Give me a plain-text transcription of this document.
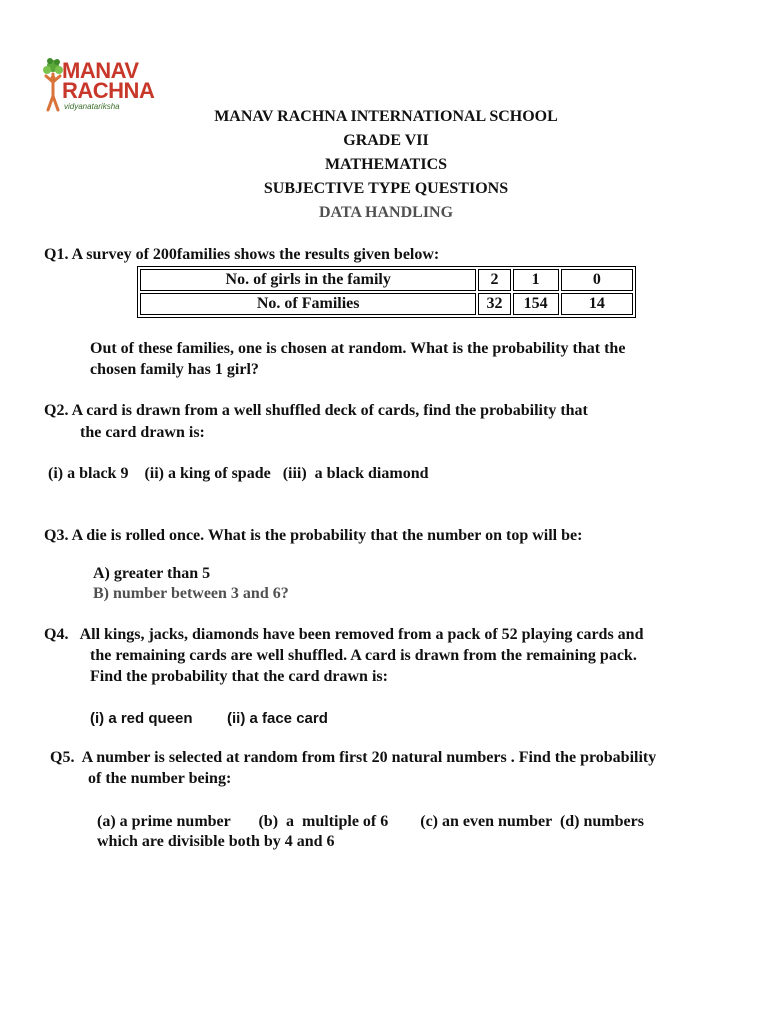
MANAV
RACHNA
vidyanatariksha
MANAV RACHNA INTERNATIONAL SCHOOL
GRADE VII
MATHEMATICS
SUBJECTIVE TYPE QUESTIONS
DATA HANDLING
Q1. A survey of 200families shows the results given below:
No. of girls in the family	2	1	0
No. of Families	32	154	14
Out of these families, one is chosen at random. What is the probability that the
chosen family has 1 girl?
Q2. A card is drawn from a well shuffled deck of cards, find the probability that
the card drawn is:
(i) a black 9    (ii) a king of spade   (iii)  a black diamond
Q3. A die is rolled once. What is the probability that the number on top will be:
A) greater than 5
B) number between 3 and 6?
Q4.   All kings, jacks, diamonds have been removed from a pack of 52 playing cards and
the remaining cards are well shuffled. A card is drawn from the remaining pack.
Find the probability that the card drawn is:
(i) a red queen (ii) a face card
Q5.  A number is selected at random from first 20 natural numbers . Find the probability
of the number being:
(a) a prime number       (b)  a  multiple of 6        (c) an even number  (d) numbers
which are divisible both by 4 and 6
